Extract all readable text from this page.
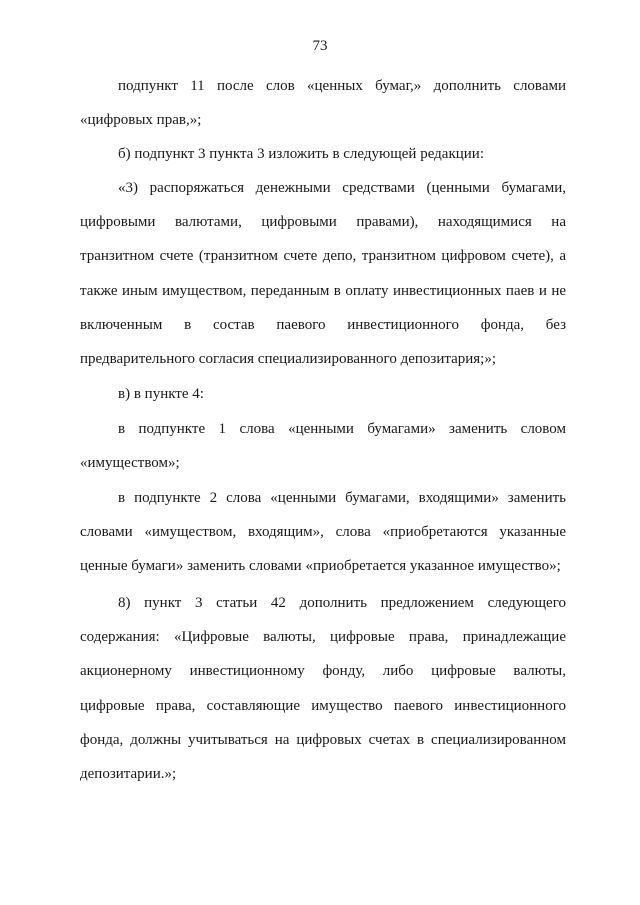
73
подпункт 11 после слов «ценных бумаг,» дополнить словами
«цифровых прав,»;
б) подпункт 3 пункта 3 изложить в следующей редакции:
«3) распоряжаться денежными средствами (ценными бумагами,
цифровыми валютами, цифровыми правами), находящимися на
транзитном счете (транзитном счете депо, транзитном цифровом счете), а
также иным имуществом, переданным в оплату инвестиционных паев и не
включенным в состав паевого инвестиционного фонда, без
предварительного согласия специализированного депозитария;»;
в) в пункте 4:
в подпункте 1 слова «ценными бумагами» заменить словом
«имуществом»;
в подпункте 2 слова «ценными бумагами, входящими» заменить
словами «имуществом, входящим», слова «приобретаются указанные
ценные бумаги» заменить словами «приобретается указанное имущество»;
8) пункт 3 статьи 42 дополнить предложением следующего
содержания: «Цифровые валюты, цифровые права, принадлежащие
акционерному инвестиционному фонду, либо цифровые валюты,
цифровые права, составляющие имущество паевого инвестиционного
фонда, должны учитываться на цифровых счетах в специализированном
депозитарии.»;
